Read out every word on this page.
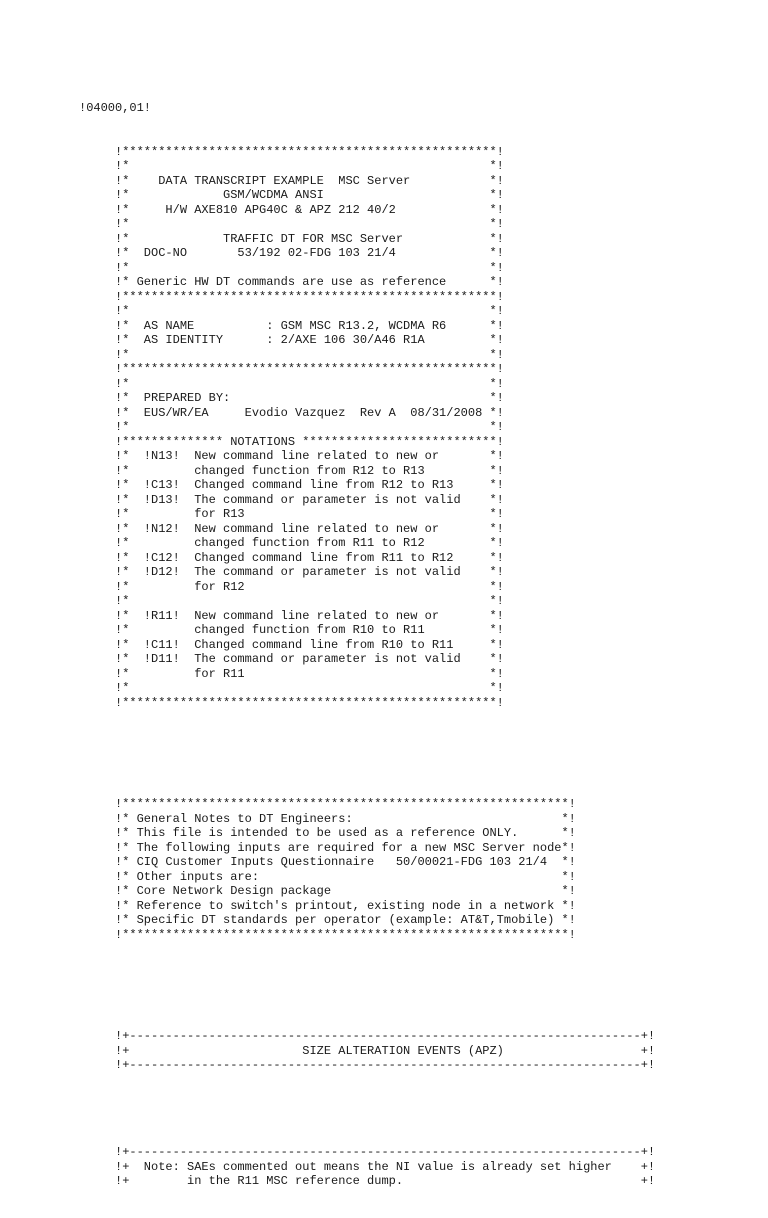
!04000,01!

!****************************************************!
!*                                                  *!
!*    DATA TRANSCRIPT EXAMPLE  MSC Server           *!
!*             GSM/WCDMA ANSI                       *!
!*     H/W AXE810 APG40C & APZ 212 40/2             *!
!*                                                  *!
!*             TRAFFIC DT FOR MSC Server            *!
!*  DOC-NO       53/192 02-FDG 103 21/4             *!
!*                                                  *!
!* Generic HW DT commands are use as reference      *!
!****************************************************!
!*                                                  *!
!*  AS NAME          : GSM MSC R13.2, WCDMA R6      *!
!*  AS IDENTITY      : 2/AXE 106 30/A46 R1A         *!
!*                                                  *!
!****************************************************!
!*                                                  *!
!*  PREPARED BY:                                    *!
!*  EUS/WR/EA     Evodio Vazquez  Rev A  08/31/2008 *!
!*                                                  *!
!************** NOTATIONS ***************************!
!*  !N13!  New command line related to new or       *!
!*         changed function from R12 to R13         *!
!*  !C13!  Changed command line from R12 to R13     *!
!*  !D13!  The command or parameter is not valid    *!
!*         for R13                                  *!
!*  !N12!  New command line related to new or       *!
!*         changed function from R11 to R12         *!
!*  !C12!  Changed command line from R11 to R12     *!
!*  !D12!  The command or parameter is not valid    *!
!*         for R12                                  *!
!*                                                  *!
!*  !R11!  New command line related to new or       *!
!*         changed function from R10 to R11         *!
!*  !C11!  Changed command line from R10 to R11     *!
!*  !D11!  The command or parameter is not valid    *!
!*         for R11                                  *!
!*                                                  *!
!****************************************************!

!**************************************************************!
!* General Notes to DT Engineers:                             *!
!* This file is intended to be used as a reference ONLY.      *!
!* The following inputs are required for a new MSC Server node*!
!* CIQ Customer Inputs Questionnaire   50/00021-FDG 103 21/4  *!
!* Other inputs are:                                          *!
!* Core Network Design package                                *!
!* Reference to switch's printout, existing node in a network *!
!* Specific DT standards per operator (example: AT&T,Tmobile) *!
!**************************************************************!

!+-----------------------------------------------------------------------+!
!+                        SIZE ALTERATION EVENTS (APZ)                   +!
!+-----------------------------------------------------------------------+!

!+-----------------------------------------------------------------------+!
!+  Note: SAEs commented out means the NI value is already set higher    +!
!+        in the R11 MSC reference dump.                                 +!
